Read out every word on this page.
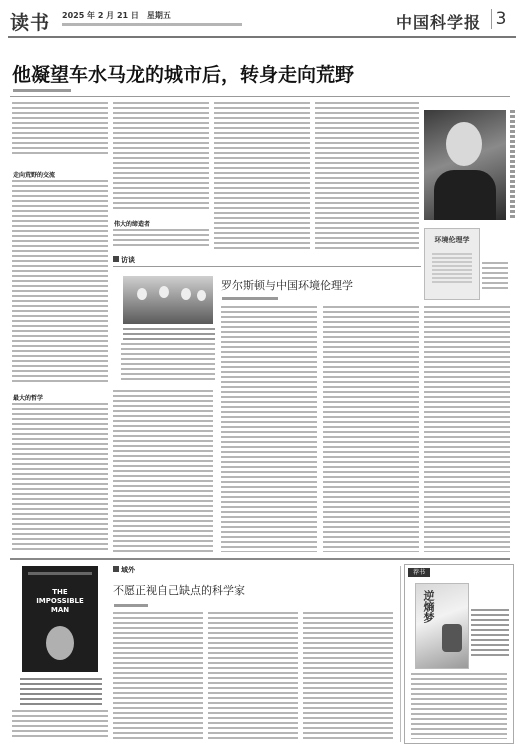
读书 2025 年 2 月 21 日　星期五	中国科学报 3
他凝望车水马龙的城市后，转身走向荒野
走向荒野的交流
最大的哲学
伟大的缔造者
环境伦理学
访谈
罗尔斯顿与中国环境伦理学
THE
IMPOSSIBLE
MAN
域外
不愿正视自己缺点的科学家
荐书
逆熵梦
